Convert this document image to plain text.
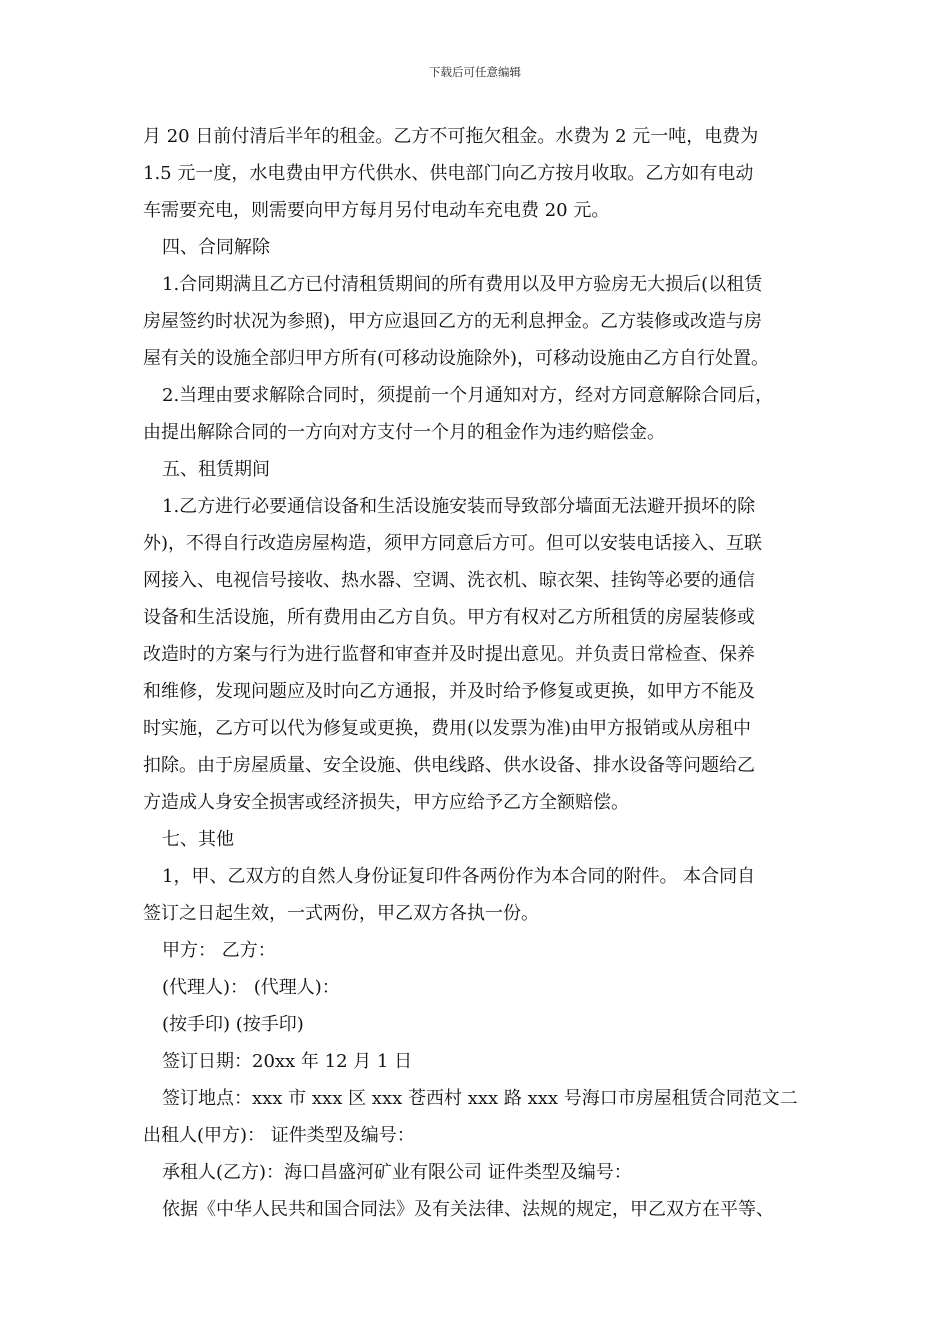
下载后可任意编辑
月 20 日前付清后半年的租金。乙方不可拖欠租金。水费为 2 元一吨，电费为
1.5 元一度，水电费由甲方代供水、供电部门向乙方按月收取。乙方如有电动
车需要充电，则需要向甲方每月另付电动车充电费 20 元。
四、合同解除
1.合同期满且乙方已付清租赁期间的所有费用以及甲方验房无大损后(以租赁
房屋签约时状况为参照)，甲方应退回乙方的无利息押金。乙方装修或改造与房
屋有关的设施全部归甲方所有(可移动设施除外)，可移动设施由乙方自行处置。
2.当理由要求解除合同时，须提前一个月通知对方，经对方同意解除合同后，
由提出解除合同的一方向对方支付一个月的租金作为违约赔偿金。
五、租赁期间
1.乙方进行必要通信设备和生活设施安装而导致部分墙面无法避开损坏的除
外)，不得自行改造房屋构造，须甲方同意后方可。但可以安装电话接入、互联
网接入、电视信号接收、热水器、空调、洗衣机、晾衣架、挂钩等必要的通信
设备和生活设施，所有费用由乙方自负。甲方有权对乙方所租赁的房屋装修或
改造时的方案与行为进行监督和审查并及时提出意见。并负责日常检查、保养
和维修，发现问题应及时向乙方通报，并及时给予修复或更换，如甲方不能及
时实施，乙方可以代为修复或更换，费用(以发票为准)由甲方报销或从房租中
扣除。由于房屋质量、安全设施、供电线路、供水设备、排水设备等问题给乙
方造成人身安全损害或经济损失，甲方应给予乙方全额赔偿。
七、其他
1，甲、乙双方的自然人身份证复印件各两份作为本合同的附件。 本合同自
签订之日起生效，一式两份，甲乙双方各执一份。
甲方： 乙方：
(代理人)： (代理人)：
(按手印) (按手印)
签订日期：20xx 年 12 月 1 日
签订地点：xxx 市 xxx 区 xxx 苍西村 xxx 路 xxx 号海口市房屋租赁合同范文二
出租人(甲方)： 证件类型及编号：
承租人(乙方)：海口昌盛河矿业有限公司 证件类型及编号：
依据《中华人民共和国合同法》及有关法律、法规的规定，甲乙双方在平等、
